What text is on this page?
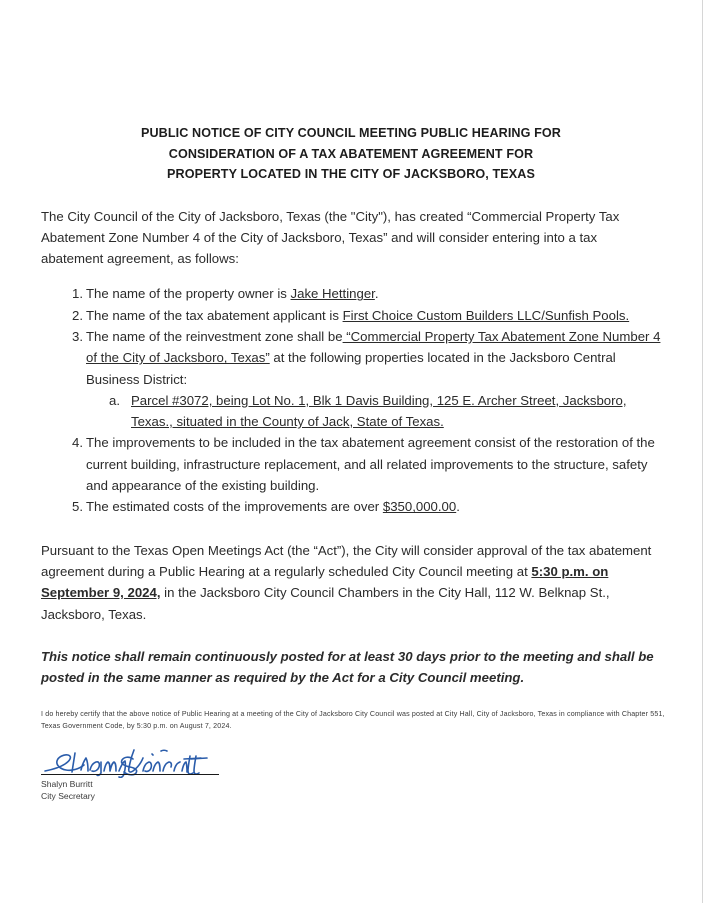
PUBLIC NOTICE OF CITY COUNCIL MEETING PUBLIC HEARING FOR
CONSIDERATION OF A TAX ABATEMENT AGREEMENT FOR
PROPERTY LOCATED IN THE CITY OF JACKSBORO, TEXAS

The City Council of the City of Jacksboro, Texas (the "City"), has created “Commercial Property Tax Abatement Zone Number 4 of the City of Jacksboro, Texas” and will consider entering into a tax abatement agreement, as follows:

1. The name of the property owner is Jake Hettinger.
2. The name of the tax abatement applicant is First Choice Custom Builders LLC/Sunfish Pools.
3. The name of the reinvestment zone shall be “Commercial Property Tax Abatement Zone Number 4 of the City of Jacksboro, Texas” at the following properties located in the Jacksboro Central Business District:
a. Parcel #3072, being Lot No. 1, Blk 1 Davis Building, 125 E. Archer Street, Jacksboro, Texas., situated in the County of Jack, State of Texas.
4. The improvements to be included in the tax abatement agreement consist of the restoration of the current building, infrastructure replacement, and all related improvements to the structure, safety and appearance of the existing building.
5. The estimated costs of the improvements are over $350,000.00.

Pursuant to the Texas Open Meetings Act (the “Act”), the City will consider approval of the tax abatement agreement during a Public Hearing at a regularly scheduled City Council meeting at 5:30 p.m. on September 9, 2024, in the Jacksboro City Council Chambers in the City Hall, 112 W. Belknap St., Jacksboro, Texas.

This notice shall remain continuously posted for at least 30 days prior to the meeting and shall be posted in the same manner as required by the Act for a City Council meeting.

I do hereby certify that the above notice of Public Hearing at a meeting of the City of Jacksboro City Council was posted at City Hall, City of Jacksboro, Texas in compliance with Chapter 551, Texas Government Code, by 5:30 p.m. on August 7, 2024.
Shalyn Burritt
City Secretary
